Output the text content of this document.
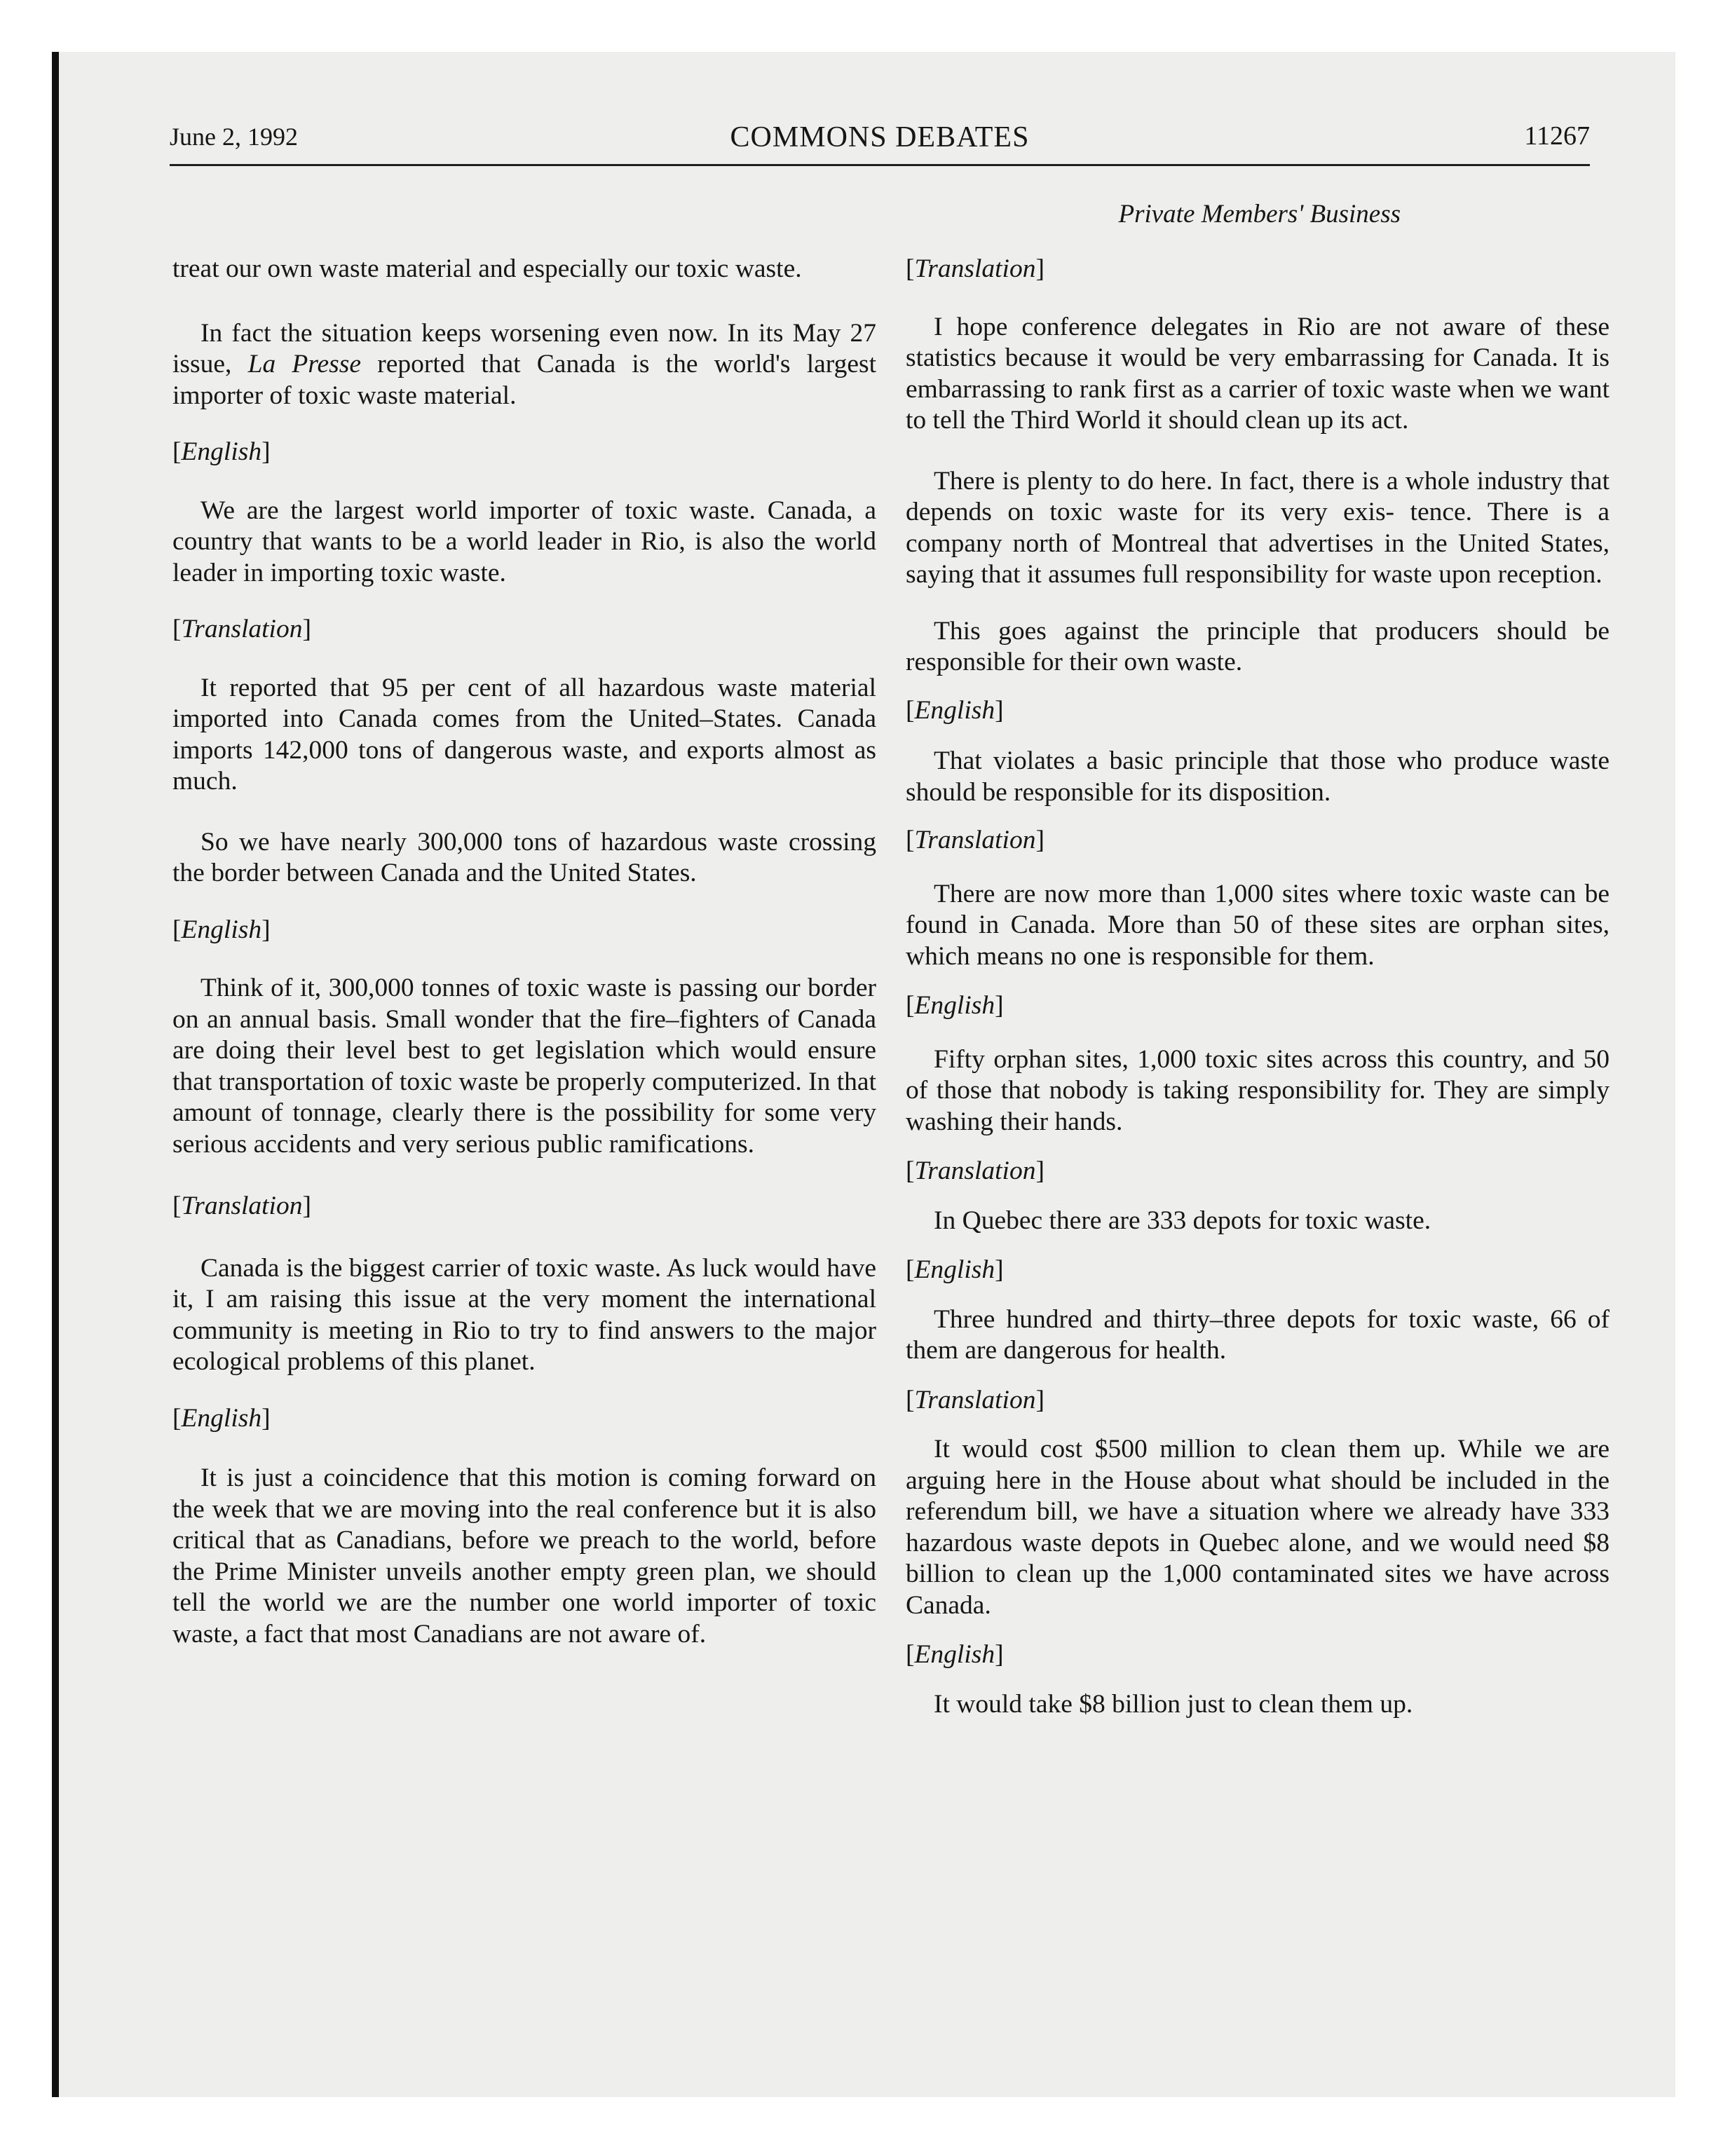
June 2, 1992	COMMONS DEBATES	11267
Private Members' Business

treat our own waste material and especially our toxic waste.

In fact the situation keeps worsening even now. In its May 27 issue, La Presse reported that Canada is the world's largest importer of toxic waste material.

[English]

We are the largest world importer of toxic waste. Canada, a country that wants to be a world leader in Rio, is also the world leader in importing toxic waste.

[Translation]

It reported that 95 per cent of all hazardous waste material imported into Canada comes from the United–States. Canada imports 142,000 tons of dangerous waste, and exports almost as much.

So we have nearly 300,000 tons of hazardous waste crossing the border between Canada and the United States.

[English]

Think of it, 300,000 tonnes of toxic waste is passing our border on an annual basis. Small wonder that the fire–fighters of Canada are doing their level best to get legislation which would ensure that transportation of toxic waste be properly computerized. In that amount of tonnage, clearly there is the possibility for some very serious accidents and very serious public ramifications.

[Translation]

Canada is the biggest carrier of toxic waste. As luck would have it, I am raising this issue at the very moment the international community is meeting in Rio to try to find answers to the major ecological problems of this planet.

[English]

It is just a coincidence that this motion is coming forward on the week that we are moving into the real conference but it is also critical that as Canadians, before we preach to the world, before the Prime Minister unveils another empty green plan, we should tell the world we are the number one world importer of toxic waste, a fact that most Canadians are not aware of.

[Translation]

I hope conference delegates in Rio are not aware of these statistics because it would be very embarrassing for Canada. It is embarrassing to rank first as a carrier of toxic waste when we want to tell the Third World it should clean up its act.

There is plenty to do here. In fact, there is a whole industry that depends on toxic waste for its very exis- tence. There is a company north of Montreal that advertises in the United States, saying that it assumes full responsibility for waste upon reception.

This goes against the principle that producers should be responsible for their own waste.

[English]

That violates a basic principle that those who produce waste should be responsible for its disposition.

[Translation]

There are now more than 1,000 sites where toxic waste can be found in Canada. More than 50 of these sites are orphan sites, which means no one is responsible for them.

[English]

Fifty orphan sites, 1,000 toxic sites across this country, and 50 of those that nobody is taking responsibility for. They are simply washing their hands.

[Translation]

In Quebec there are 333 depots for toxic waste.

[English]

Three hundred and thirty–three depots for toxic waste, 66 of them are dangerous for health.

[Translation]

It would cost $500 million to clean them up. While we are arguing here in the House about what should be included in the referendum bill, we have a situation where we already have 333 hazardous waste depots in Quebec alone, and we would need $8 billion to clean up the 1,000 contaminated sites we have across Canada.

[English]

It would take $8 billion just to clean them up.
